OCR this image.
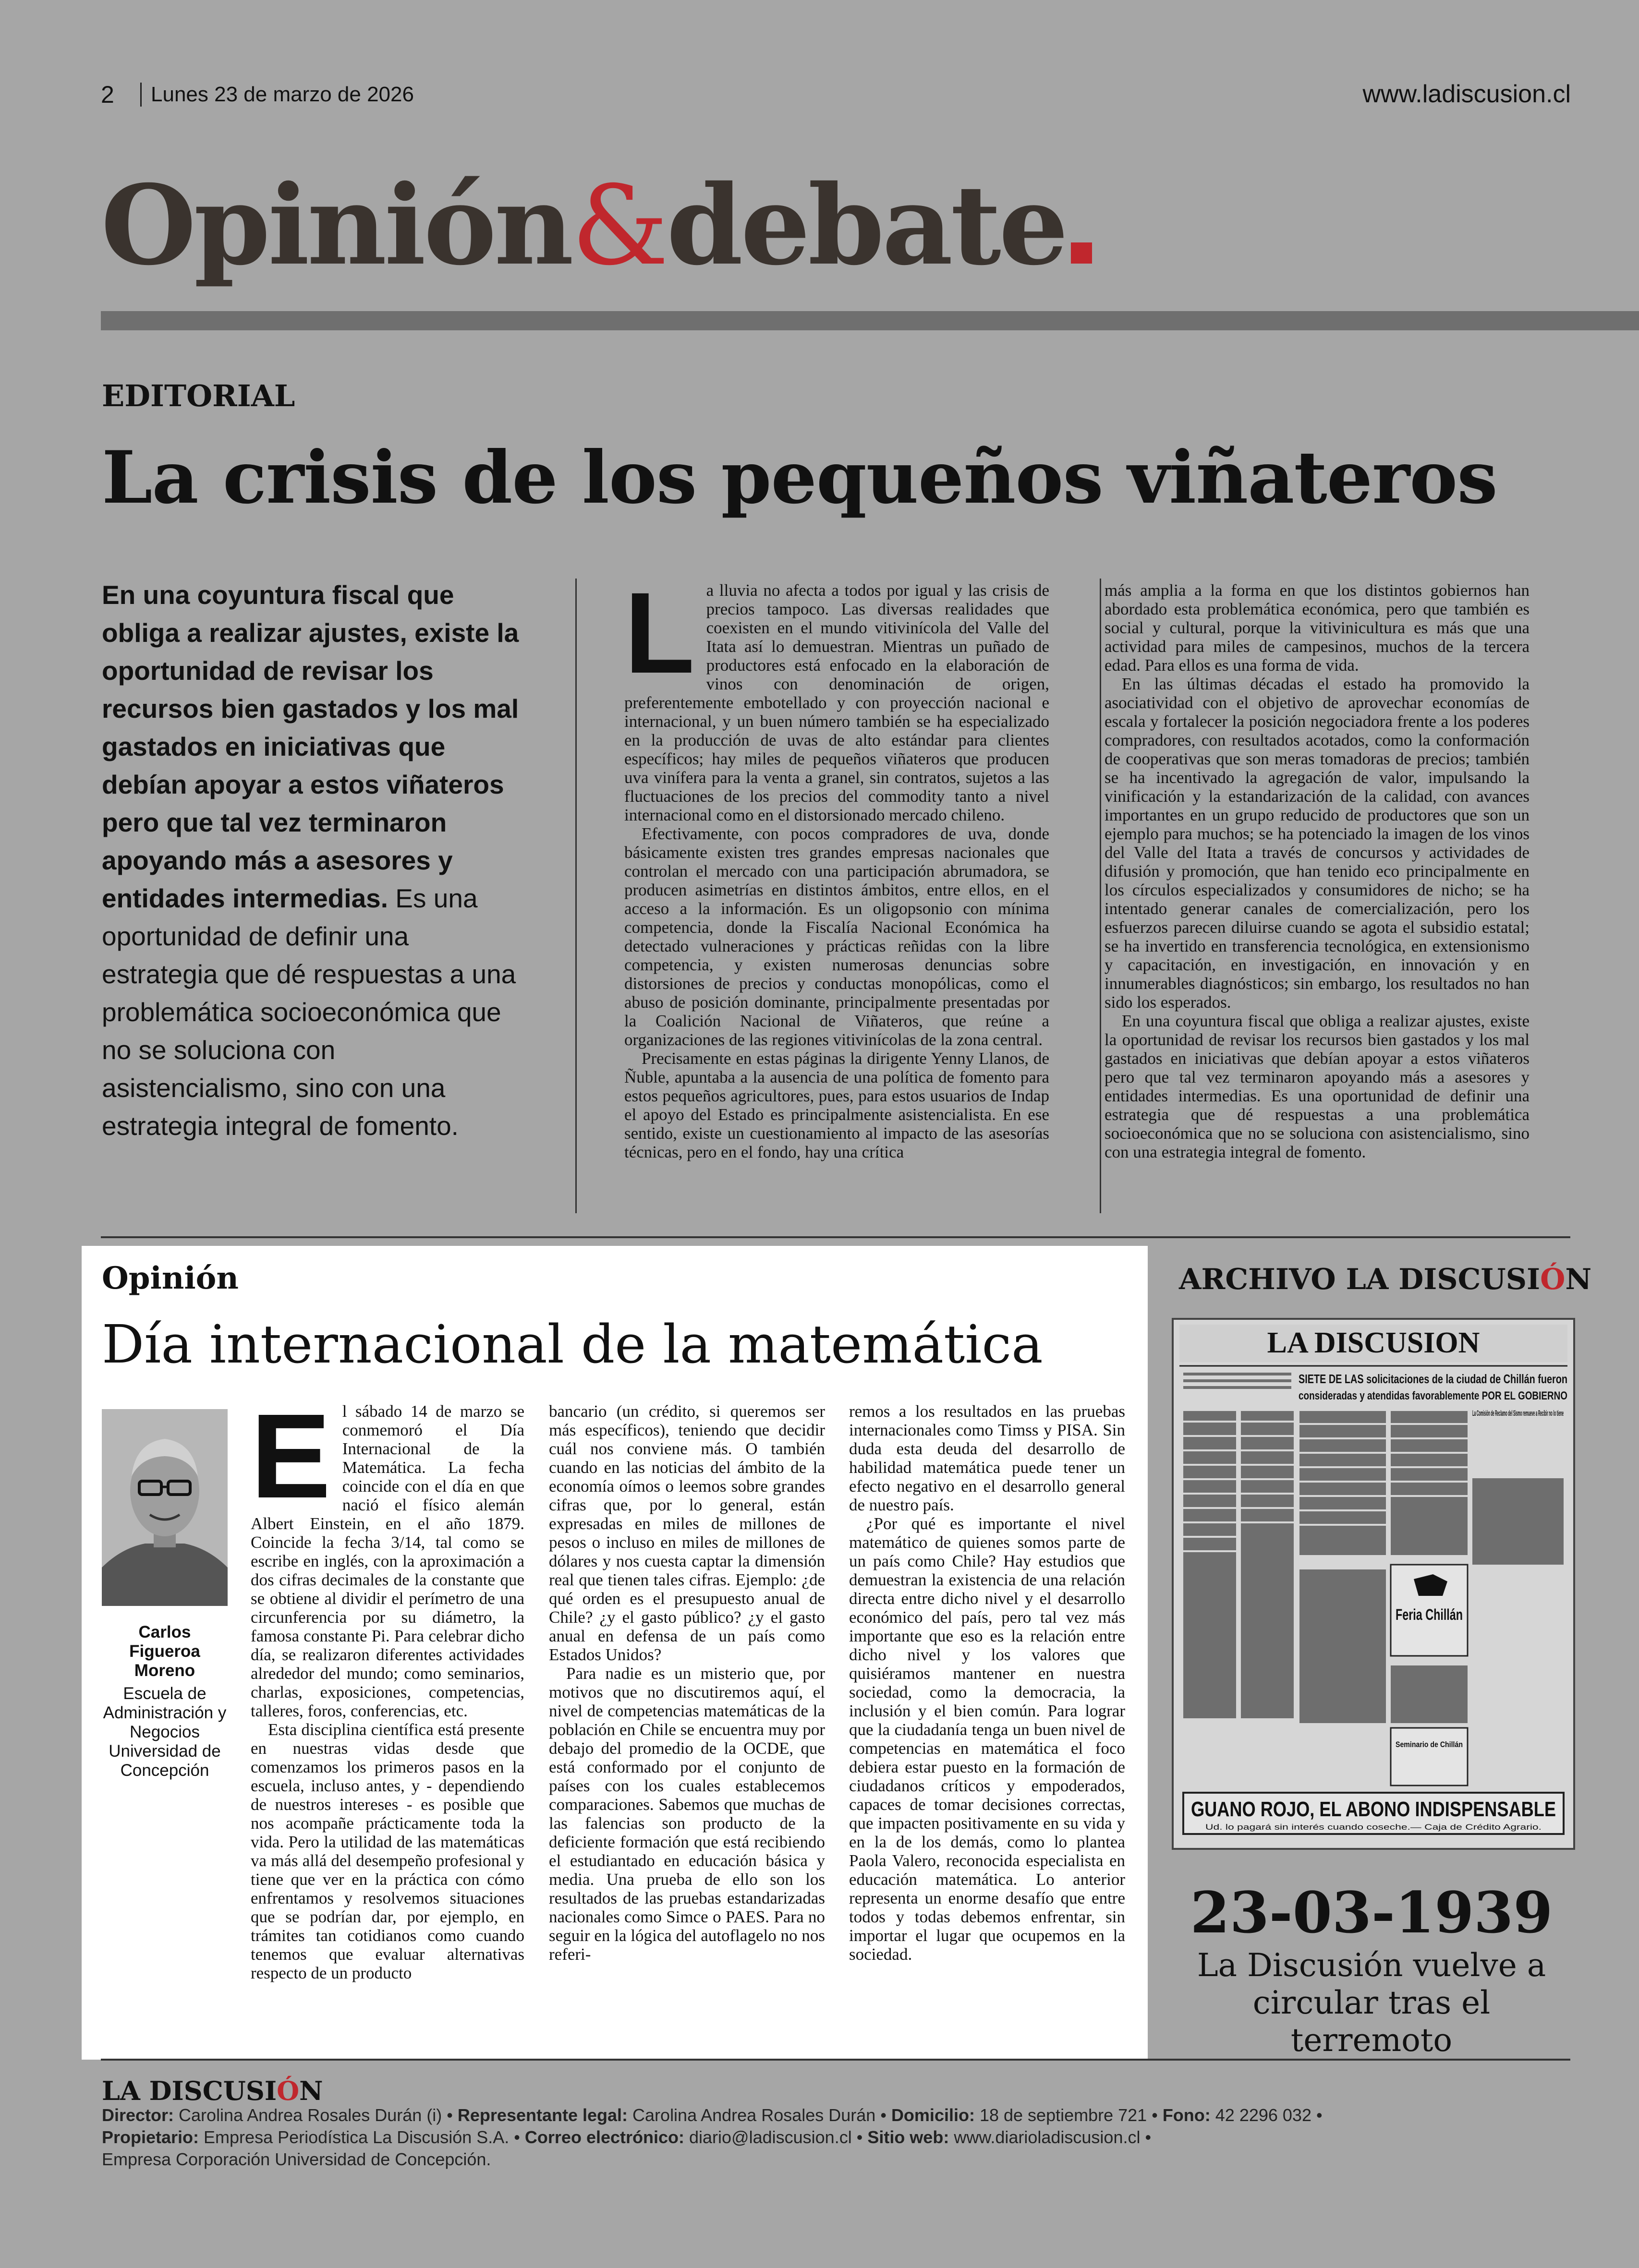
2 Lunes 23 de marzo de 2026	www.ladiscusion.cl
Opinión&debate
EDITORIAL
La crisis de los pequeños viñateros
En una coyuntura fiscal que obliga a realizar ajustes, existe la oportunidad de revisar los recursos bien gastados y los mal gastados en iniciativas que debían apoyar a estos viñateros pero que tal vez terminaron apoyando más a asesores y entidades intermedias. Es una oportunidad de definir una estrategia que dé respuestas a una problemática socioeconómica que no se soluciona con asistencialismo, sino con una estrategia integral de fomento.
L a lluvia no afecta a todos por igual y las crisis de precios tampoco. Las diversas realidades que coexisten en el mundo vitivinícola del Valle del Itata así lo demuestran. Mientras un puñado de productores está enfocado en la elaboración de vinos con denominación de origen, preferentemente embotellado y con proyección nacional e internacional, y un buen número también se ha especializado en la producción de uvas de alto estándar para clientes específicos; hay miles de pequeños viñateros que producen uva vinífera para la venta a granel, sin contratos, sujetos a las fluctuaciones de los precios del commodity tanto a nivel internacional como en el distorsionado mercado chileno.

Efectivamente, con pocos compradores de uva, donde básicamente existen tres grandes empresas nacionales que controlan el mercado con una participación abrumadora, se producen asimetrías en distintos ámbitos, entre ellos, en el acceso a la información. Es un oligopsonio con mínima competencia, donde la Fiscalía Nacional Económica ha detectado vulneraciones y prácticas reñidas con la libre competencia, y existen numerosas denuncias sobre distorsiones de precios y conductas monopólicas, como el abuso de posición dominante, principalmente presentadas por la Coalición Nacional de Viñateros, que reúne a organizaciones de las regiones vitivinícolas de la zona central.

Precisamente en estas páginas la dirigente Yenny Llanos, de Ñuble, apuntaba a la ausencia de una política de fomento para estos pequeños agricultores, pues, para estos usuarios de Indap el apoyo del Estado es principalmente asistencialista. En ese sentido, existe un cuestionamiento al impacto de las asesorías técnicas, pero en el fondo, hay una crítica

más amplia a la forma en que los distintos gobiernos han abordado esta problemática económica, pero que también es social y cultural, porque la vitivinicultura es más que una actividad para miles de campesinos, muchos de la tercera edad. Para ellos es una forma de vida.

En las últimas décadas el estado ha promovido la asociatividad con el objetivo de aprovechar economías de escala y fortalecer la posición negociadora frente a los poderes compradores, con resultados acotados, como la conformación de cooperativas que son meras tomadoras de precios; también se ha incentivado la agregación de valor, impulsando la vinificación y la estandarización de la calidad, con avances importantes en un grupo reducido de productores que son un ejemplo para muchos; se ha potenciado la imagen de los vinos del Valle del Itata a través de concursos y actividades de difusión y promoción, que han tenido eco principalmente en los círculos especializados y consumidores de nicho; se ha intentado generar canales de comercialización, pero los esfuerzos parecen diluirse cuando se agota el subsidio estatal; se ha invertido en transferencia tecnológica, en extensionismo y capacitación, en investigación, en innovación y en innumerables diagnósticos; sin embargo, los resultados no han sido los esperados.

En una coyuntura fiscal que obliga a realizar ajustes, existe la oportunidad de revisar los recursos bien gastados y los mal gastados en iniciativas que debían apoyar a estos viñateros pero que tal vez terminaron apoyando más a asesores y entidades intermedias. Es una oportunidad de definir una estrategia que dé respuestas a una problemática socioeconómica que no se soluciona con asistencialismo, sino con una estrategia integral de fomento.

Opinión
Día internacional de la matemática
Carlos Figueroa Moreno
Escuela de Administración y Negocios Universidad de Concepción
E l sábado 14 de marzo se conmemoró el Día Internacional de la Matemática. La fecha coincide con el día en que nació el físico alemán Albert Einstein, en el año 1879. Coincide la fecha 3/14, tal como se escribe en inglés, con la aproximación a dos cifras decimales de la constante que se obtiene al dividir el perímetro de una circunferencia por su diámetro, la famosa constante Pi. Para celebrar dicho día, se realizaron diferentes actividades alrededor del mundo; como seminarios, charlas, exposiciones, competencias, talleres, foros, conferencias, etc.

Esta disciplina científica está presente en nuestras vidas desde que comenzamos los primeros pasos en la escuela, incluso antes, y - dependiendo de nuestros intereses - es posible que nos acompañe prácticamente toda la vida. Pero la utilidad de las matemáticas va más allá del desempeño profesional y tiene que ver en la práctica con cómo enfrentamos y resolvemos situaciones que se podrían dar, por ejemplo, en trámites tan cotidianos como cuando tenemos que evaluar alternativas respecto de un producto

bancario (un crédito, si queremos ser más específicos), teniendo que decidir cuál nos conviene más. O también cuando en las noticias del ámbito de la economía oímos o leemos sobre grandes cifras que, por lo general, están expresadas en miles de millones de pesos o incluso en miles de millones de dólares y nos cuesta captar la dimensión real que tienen tales cifras. Ejemplo: ¿de qué orden es el presupuesto anual de Chile? ¿y el gasto público? ¿y el gasto anual en defensa de un país como Estados Unidos?

Para nadie es un misterio que, por motivos que no discutiremos aquí, el nivel de competencias matemáticas de la población en Chile se encuentra muy por debajo del promedio de la OCDE, que está conformado por el conjunto de países con los cuales establecemos comparaciones. Sabemos que muchas de las falencias son producto de la deficiente formación que está recibiendo el estudiantado en educación básica y media. Una prueba de ello son los resultados de las pruebas estandarizadas nacionales como Simce o PAES. Para no seguir en la lógica del autoflagelo no nos referi-

remos a los resultados en las pruebas internacionales como Timss y PISA. Sin duda esta deuda del desarrollo de habilidad matemática puede tener un efecto negativo en el desarrollo general de nuestro país.

¿Por qué es importante el nivel matemático de quienes somos parte de un país como Chile? Hay estudios que demuestran la existencia de una relación directa entre dicho nivel y el desarrollo económico del país, pero tal vez más importante que eso es la relación entre dicho nivel y los valores que quisiéramos mantener en nuestra sociedad, como la democracia, la inclusión y el bien común. Para lograr que la ciudadanía tenga un buen nivel de competencias en matemática el foco debiera estar puesto en la formación de ciudadanos críticos y empoderados, capaces de tomar decisiones correctas, que impacten positivamente en su vida y en la de los demás, como lo plantea Paola Valero, reconocida especialista en educación matemática. Lo anterior representa un enorme desafío que entre todos y todas debemos enfrentar, sin importar el lugar que ocupemos en la sociedad.

ARCHIVO LA DISCUSIÓN
LA DISCUSION
SIETE DE LAS solicitaciones de la ciudad de Chillán fueron
consideradas y atendidas favorablemente POR EL GOBIERNO
La Comisión de Reclamo del Sismo remueve a Recibir no lo tiene
Feria Chillán
Seminario de Chillán
GUANO ROJO, EL ABONO INDISPENSABLE
Ud. lo pagará sin interés cuando coseche.— Caja de Crédito Agrario.
23-03-1939
La Discusión vuelve a circular tras el terremoto
LA DISCUSIÓN
Director: Carolina Andrea Rosales Durán (i) • Representante legal: Carolina Andrea Rosales Durán • Domicilio: 18 de septiembre 721 • Fono: 42 2296 032 •
Propietario: Empresa Periodística La Discusión S.A. • Correo electrónico: diario@ladiscusion.cl • Sitio web: www.diarioladiscusion.cl •
Empresa Corporación Universidad de Concepción.
